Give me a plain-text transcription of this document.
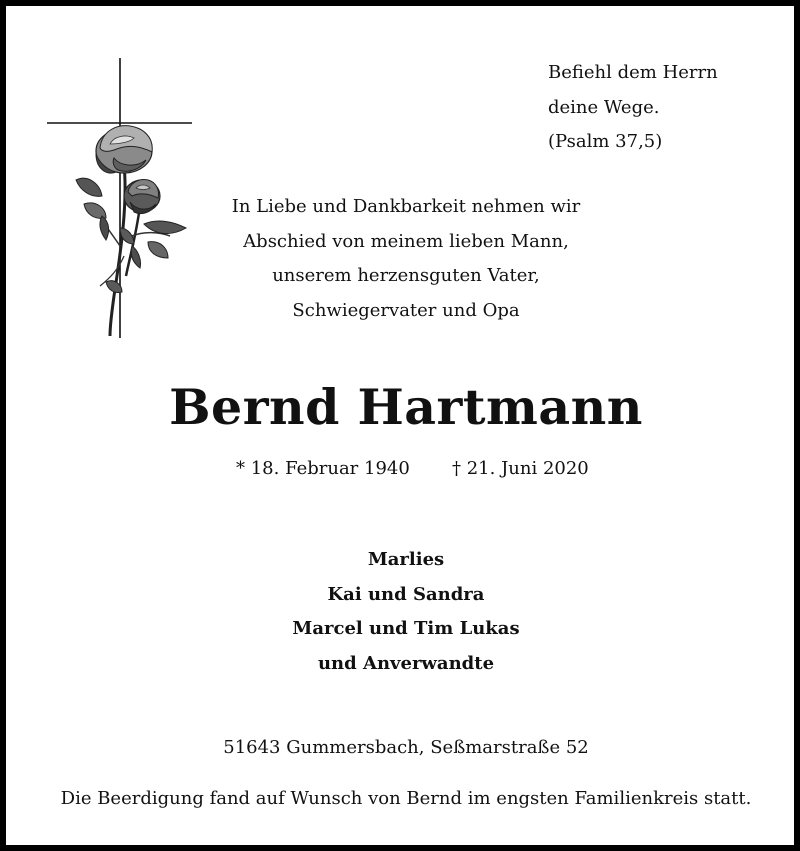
Befiehl dem Herrn
deine Wege.
(Psalm 37,5)
In Liebe und Dankbarkeit nehmen wir
Abschied von meinem lieben Mann,
unserem herzensguten Vater,
Schwiegervater und Opa
Bernd Hartmann
* 18. Februar 1940 † 21. Juni 2020
Marlies
Kai und Sandra
Marcel und Tim Lukas
und Anverwandte
51643 Gummersbach, Seßmarstraße 52
Die Beerdigung fand auf Wunsch von Bernd im engsten Familienkreis statt.
